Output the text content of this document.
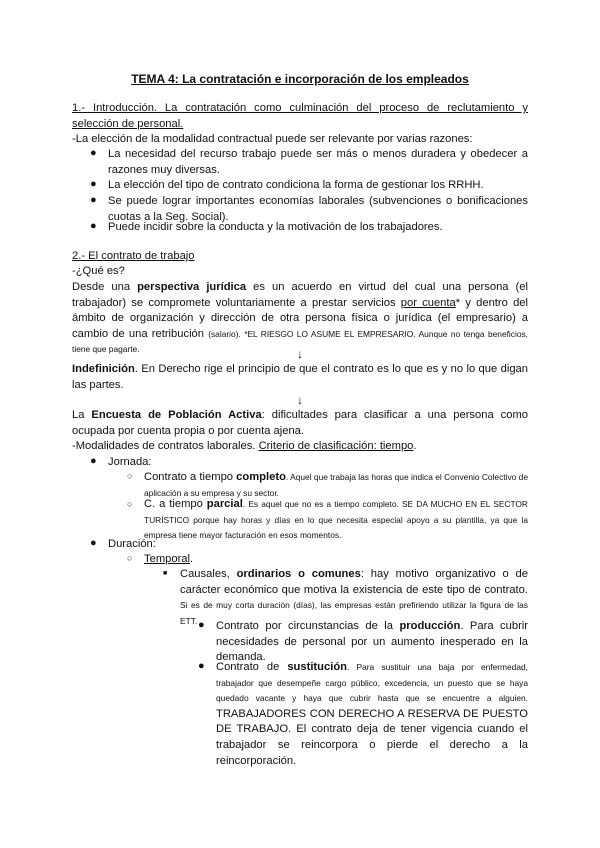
TEMA 4: La contratación e incorporación de los empleados
1.- Introducción. La contratación como culminación del proceso de reclutamiento y selección de personal.
-La elección de la modalidad contractual puede ser relevante por varias razones:
● La necesidad del recurso trabajo puede ser más o menos duradera y obedecer a razones muy diversas.
● La elección del tipo de contrato condiciona la forma de gestionar los RRHH.
● Se puede lograr importantes economías laborales (subvenciones o bonificaciones cuotas a la Seg. Social).
● Puede incidir sobre la conducta y la motivación de los trabajadores.
2.- El contrato de trabajo
-¿Qué es?
Desde una perspectiva jurídica es un acuerdo en virtud del cual una persona (el trabajador) se compromete voluntariamente a prestar servicios por cuenta* y dentro del ámbito de organización y dirección de otra persona física o jurídica (el empresario) a cambio de una retribución (salario). *EL RIESGO LO ASUME EL EMPRESARIO. Aunque no tenga beneficios, tiene que pagarte.	↓
Indefinición. En Derecho rige el principio de que el contrato es lo que es y no lo que digan las partes.
↓
La Encuesta de Población Activa: dificultades para clasificar a una persona como ocupada por cuenta propia o por cuenta ajena.
-Modalidades de contratos laborales. Criterio de clasificación: tiempo.
● Jornada:
○ Contrato a tiempo completo. Aquel que trabaja las horas que indica el Convenio Colectivo de aplicación a su empresa y su sector.
○ C. a tiempo parcial. Es aquel que no es a tiempo completo. SE DA MUCHO EN EL SECTOR TURÍSTICO porque hay horas y días en lo que necesita especial apoyo a su plantilla, ya que la empresa tiene mayor facturación en esos momentos.
● Duración:
○ Temporal.
■ Causales, ordinarios o comunes: hay motivo organizativo o de carácter económico que motiva la existencia de este tipo de contrato. Si es de muy corta duración (días), las empresas están prefiriendo utilizar la figura de las ETT. ● Contrato por circunstancias de la producción. Para cubrir necesidades de personal por un aumento inesperado en la demanda.
● Contrato de sustitución. Para sustituir una baja por enfermedad, trabajador que desempeñe cargo público, excedencia, un puesto que se haya quedado vacante y haya que cubrir hasta que se encuentre a alguien. TRABAJADORES CON DERECHO A RESERVA DE PUESTO DE TRABAJO. El contrato deja de tener vigencia cuando el trabajador se reincorpora o pierde el derecho a la reincorporación.
